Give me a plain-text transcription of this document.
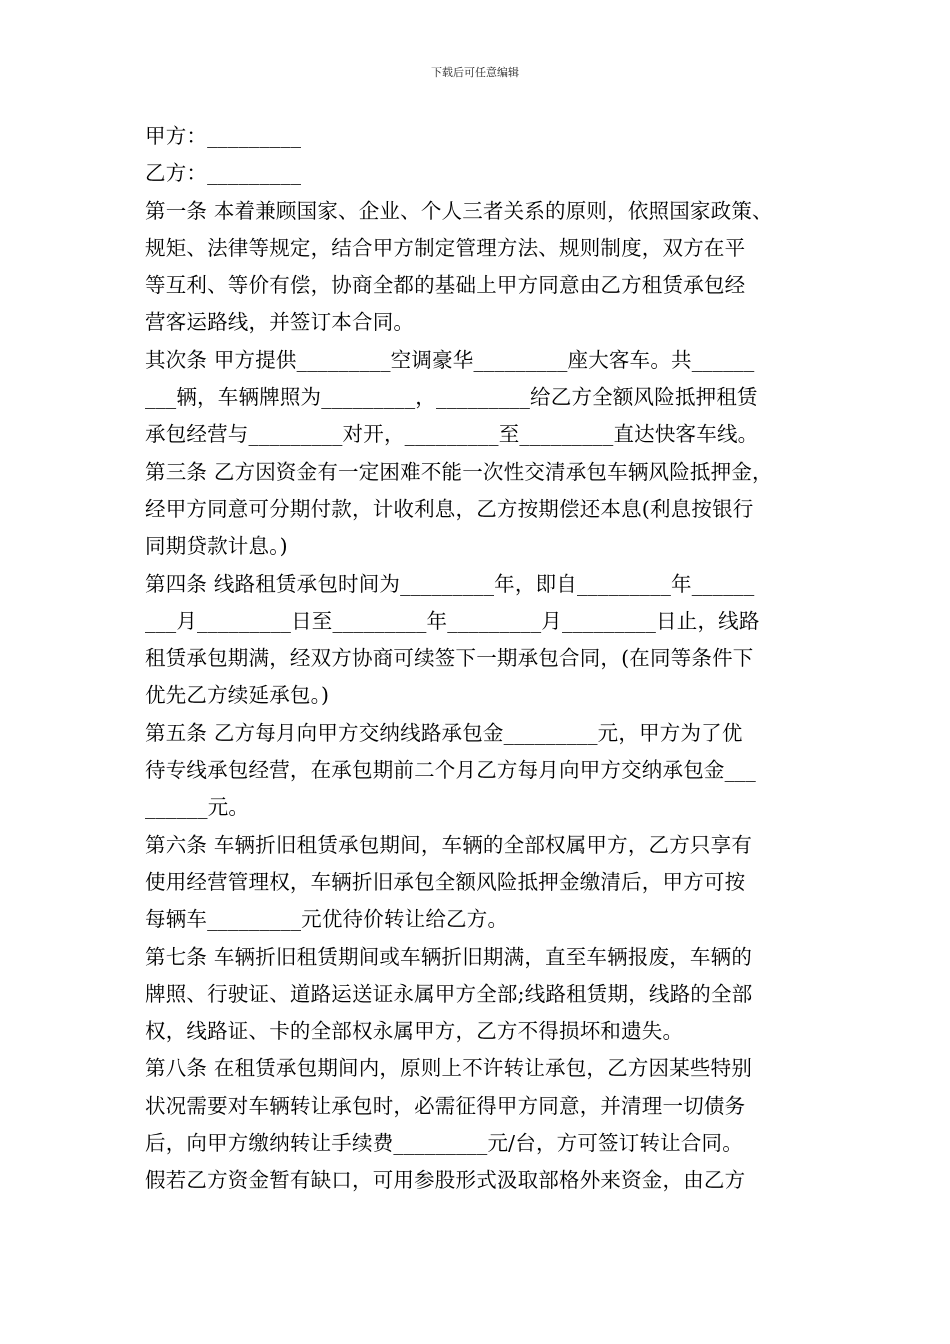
下载后可任意编辑
甲方：_________
乙方：_________
第一条 本着兼顾国家、企业、个人三者关系的原则，依照国家政策、
规矩、法律等规定，结合甲方制定管理方法、规则制度，双方在平
等互利、等价有偿，协商全都的基础上甲方同意由乙方租赁承包经
营客运路线，并签订本合同。
其次条 甲方提供_________空调豪华_________座大客车。共______
___辆，车辆牌照为_________，_________给乙方全额风险抵押租赁
承包经营与_________对开，_________至_________直达快客车线。
第三条 乙方因资金有一定困难不能一次性交清承包车辆风险抵押金，
经甲方同意可分期付款，计收利息，乙方按期偿还本息(利息按银行
同期贷款计息。)
第四条 线路租赁承包时间为_________年，即自_________年______
___月_________日至_________年_________月_________日止，线路
租赁承包期满，经双方协商可续签下一期承包合同，(在同等条件下
优先乙方续延承包。)
第五条 乙方每月向甲方交纳线路承包金_________元，甲方为了优
待专线承包经营，在承包期前二个月乙方每月向甲方交纳承包金___
______元。
第六条 车辆折旧租赁承包期间，车辆的全部权属甲方，乙方只享有
使用经营管理权，车辆折旧承包全额风险抵押金缴清后，甲方可按
每辆车_________元优待价转让给乙方。
第七条 车辆折旧租赁期间或车辆折旧期满，直至车辆报废，车辆的
牌照、行驶证、道路运送证永属甲方全部;线路租赁期，线路的全部
权，线路证、卡的全部权永属甲方，乙方不得损坏和遗失。
第八条 在租赁承包期间内，原则上不许转让承包，乙方因某些特别
状况需要对车辆转让承包时，必需征得甲方同意，并清理一切债务
后，向甲方缴纳转让手续费_________元/台，方可签订转让合同。
假若乙方资金暂有缺口，可用参股形式汲取部格外来资金，由乙方
